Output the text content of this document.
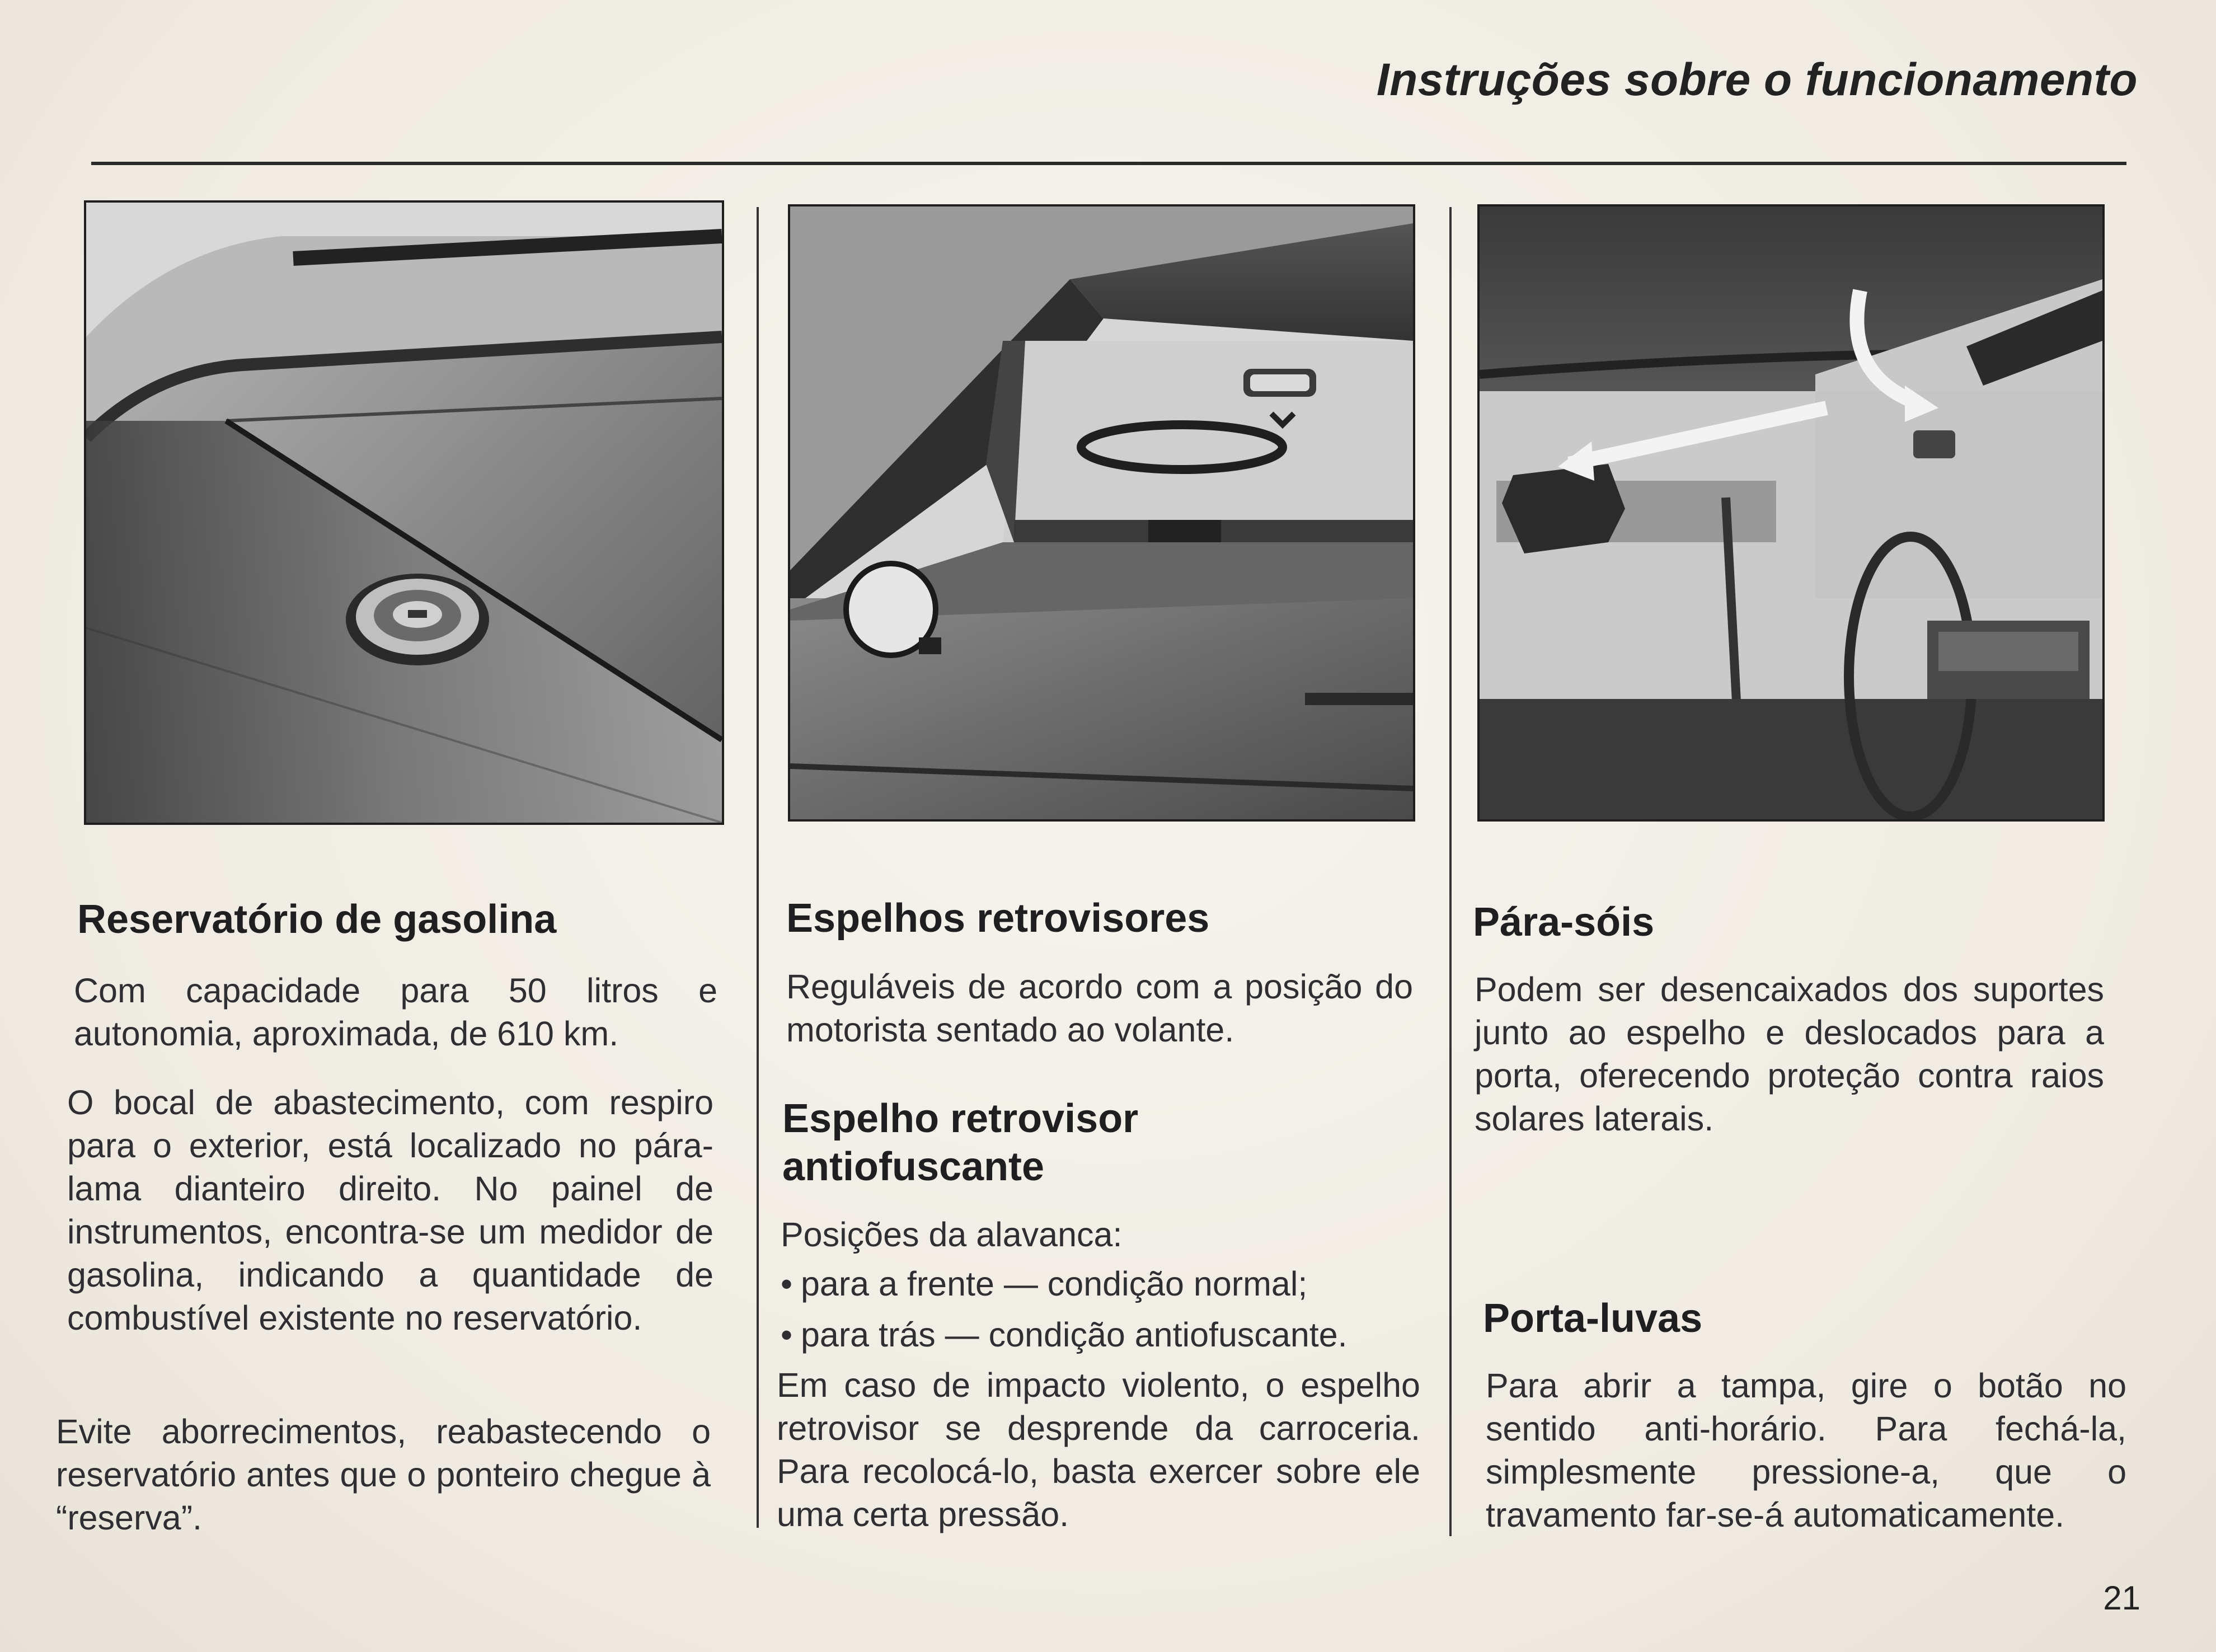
Instruções sobre o funcionamento
Reservatório de gasolina
Com capacidade para 50 litros e autonomia, aproximada, de 610 km.
O bocal de abastecimento, com respiro para o exterior, está localizado no pára-lama dianteiro direito. No painel de instrumentos, encontra-se um medidor de gasolina, indicando a quantidade de combustível existente no reservatório.
Evite aborrecimentos, reabastecendo o reservatório antes que o ponteiro chegue à “reserva”.
Espelhos retrovisores
Reguláveis de acordo com a posição do motorista sentado ao volante.
Espelho retrovisor antiofuscante
Posições da alavanca:
• para a frente — condição normal;
• para trás — condição antiofuscante.
Em caso de impacto violento, o espelho retrovisor se desprende da carroceria. Para recolocá-lo, basta exercer sobre ele uma certa pressão.
Pára-sóis
Podem ser desencaixados dos suportes junto ao espelho e deslocados para a porta, oferecendo proteção contra raios solares laterais.
Porta-luvas
Para abrir a tampa, gire o botão no sentido anti-horário. Para fechá-la, simplesmente pressione-a, que o travamento far-se-á automaticamente.
21
